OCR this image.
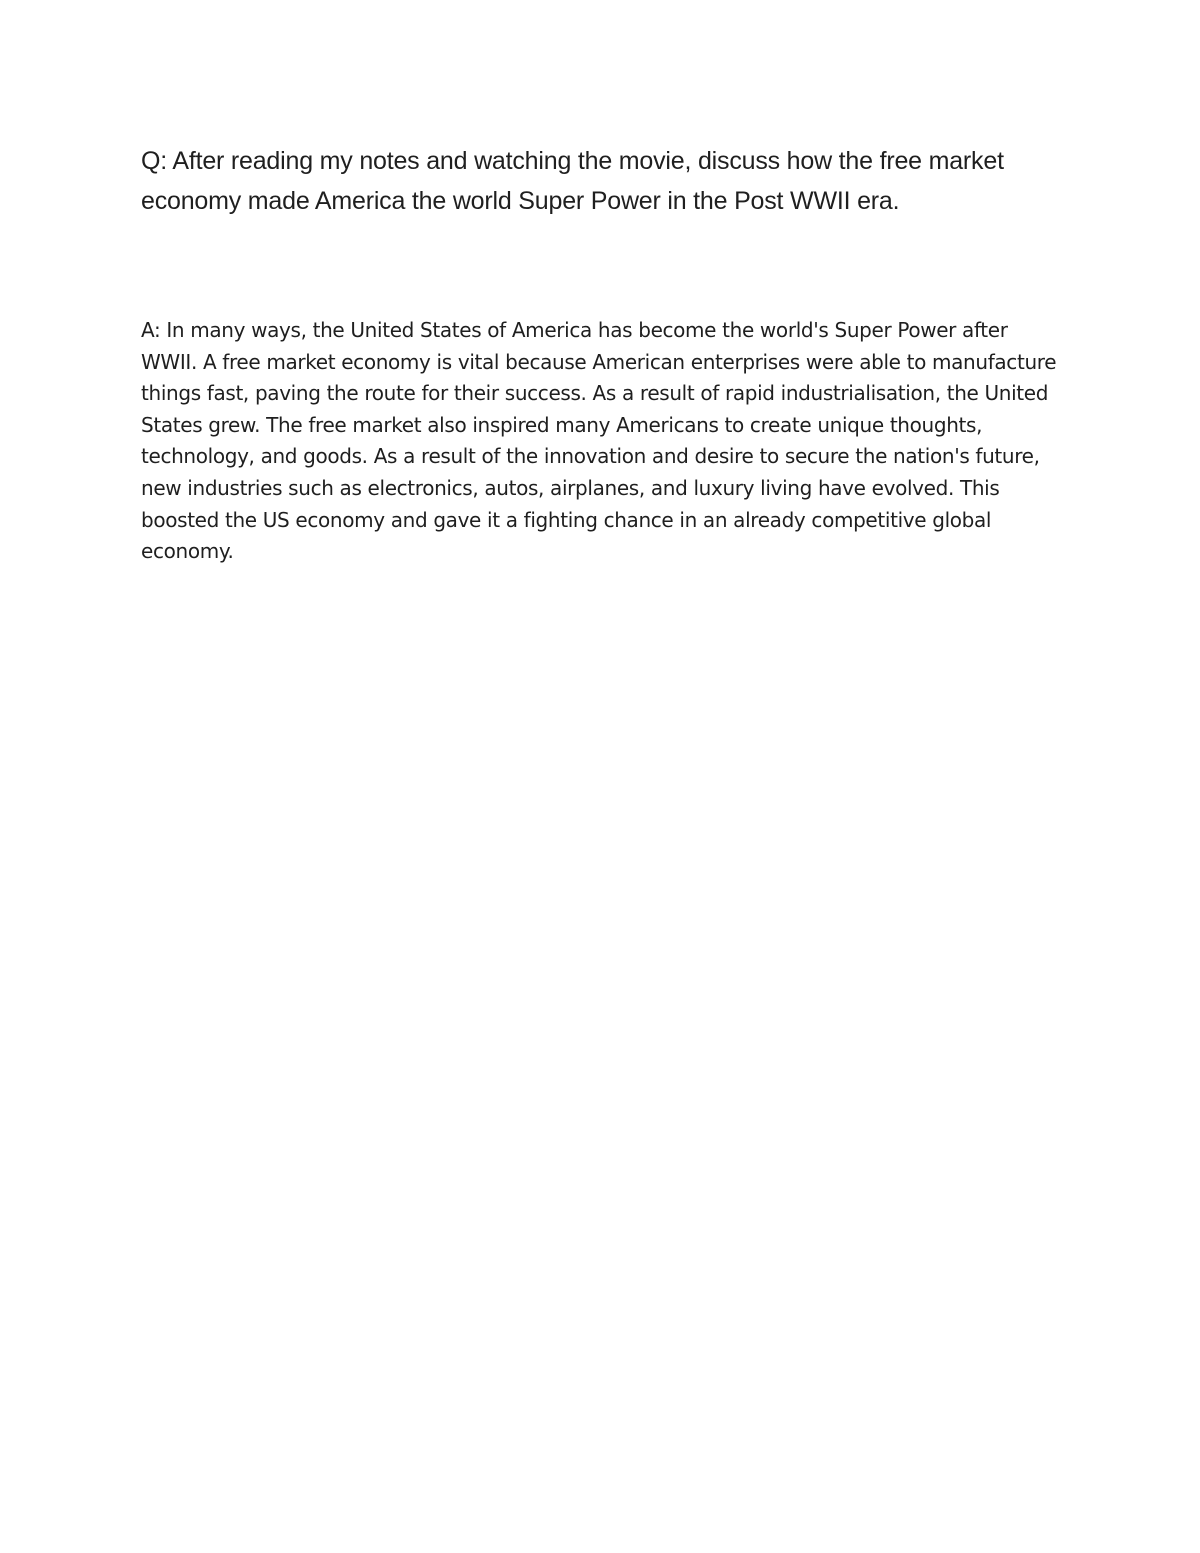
Q: After reading my notes and watching the movie, discuss how the free market economy made America the world Super Power in the Post WWII era.

A: In many ways, the United States of America has become the world's Super Power after WWII. A free market economy is vital because American enterprises were able to manufacture things fast, paving the route for their success. As a result of rapid industrialisation, the United States grew. The free market also inspired many Americans to create unique thoughts, technology, and goods. As a result of the innovation and desire to secure the nation's future, new industries such as electronics, autos, airplanes, and luxury living have evolved. This boosted the US economy and gave it a fighting chance in an already competitive global economy.
